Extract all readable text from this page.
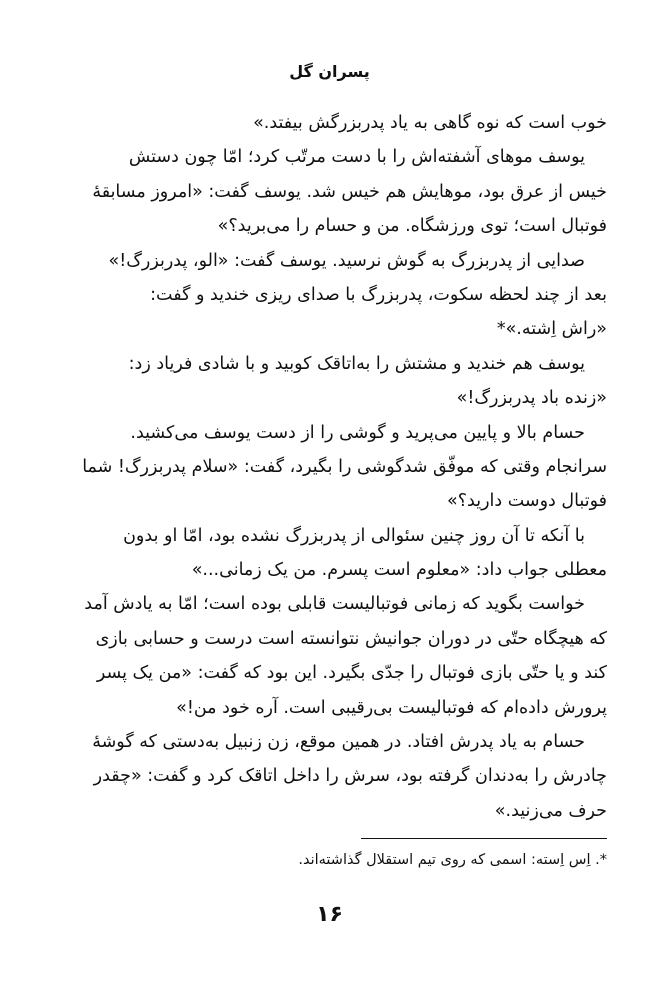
پسران گل
خوب است که نوه گاهی به یاد پدربزرگش بیفتد.»
یوسف موهای آشفته‌اش را با دست مرتّب کرد؛ امّا چون دستش
خیس از عرق بود، موهایش هم خیس شد. یوسف گفت: «امروز مسابقهٔ
فوتبال است؛ توی ورزشگاه. من و حسام را می‌برید؟»
صدایی از پدربزرگ به گوش نرسید. یوسف گفت: «الو، پدربزرگ!»
بعد از چند لحظه سکوت، پدربزرگ با صدای ریزی خندید و گفت:
«راش اِشته.»*
یوسف هم خندید و مشتش را به‌اتاقک کوبید و با شادی فریاد زد:
«زنده باد پدربزرگ!»
حسام بالا و پایین می‌پرید و گوشی را از دست یوسف می‌کشید.
سرانجام وقتی که موفّق شدگوشی را بگیرد، گفت: «سلام پدربزرگ! شما
فوتبال دوست دارید؟»
با آنکه تا آن روز چنین سئوالی از پدربزرگ نشده بود، امّا او بدون
معطلی جواب داد: «معلوم است پسرم. من یک زمانی...»
خواست بگوید که زمانی فوتبالیست قابلی بوده است؛ امّا به یادش آمد
که هیچگاه حتّی در دوران جوانیش نتوانسته است درست و حسابی بازی
کند و یا حتّی بازی فوتبال را جدّی بگیرد. این بود که گفت: «من یک پسر
پرورش داده‌ام که فوتبالیست بی‌رقیبی است. آره خود من!»
حسام به یاد پدرش افتاد. در همین موقع، زن زنبیل به‌دستی که گوشهٔ
چادرش را به‌دندان گرفته بود، سرش را داخل اتاقک کرد و گفت: «چقدر
حرف می‌زنید.»
*. اِس اِسته: اسمی که روی تیم استقلال گذاشته‌اند.
۱۶
